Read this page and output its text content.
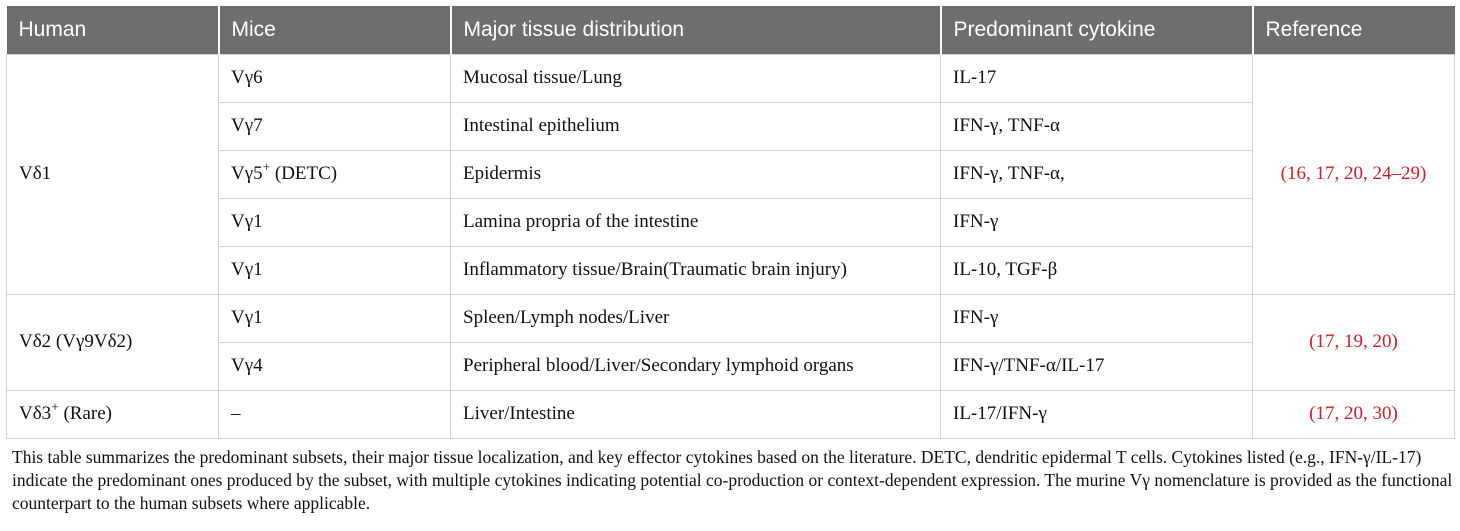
Human	Mice	Major tissue distribution	Predominant cytokine	Reference
Vδ1	Vγ6	Mucosal tissue/Lung	IL-17	(16, 17, 20, 24–29)
	Vγ7	Intestinal epithelium	IFN-γ, TNF-α	
	Vγ5+ (DETC)	Epidermis	IFN-γ, TNF-α,	
	Vγ1	Lamina propria of the intestine	IFN-γ	
	Vγ1	Inflammatory tissue/Brain(Traumatic brain injury)	IL-10, TGF-β	
Vδ2 (Vγ9Vδ2)	Vγ1	Spleen/Lymph nodes/Liver	IFN-γ	(17, 19, 20)
	Vγ4	Peripheral blood/Liver/Secondary lymphoid organs	IFN-γ/TNF-α/IL-17	
Vδ3+ (Rare)	–	Liver/Intestine	IL-17/IFN-γ	(17, 20, 30)
This table summarizes the predominant subsets, their major tissue localization, and key effector cytokines based on the literature. DETC, dendritic epidermal T cells. Cytokines listed (e.g., IFN-γ/IL-17) indicate the predominant ones produced by the subset, with multiple cytokines indicating potential co-production or context-dependent expression. The murine Vγ nomenclature is provided as the functional counterpart to the human subsets where applicable.
